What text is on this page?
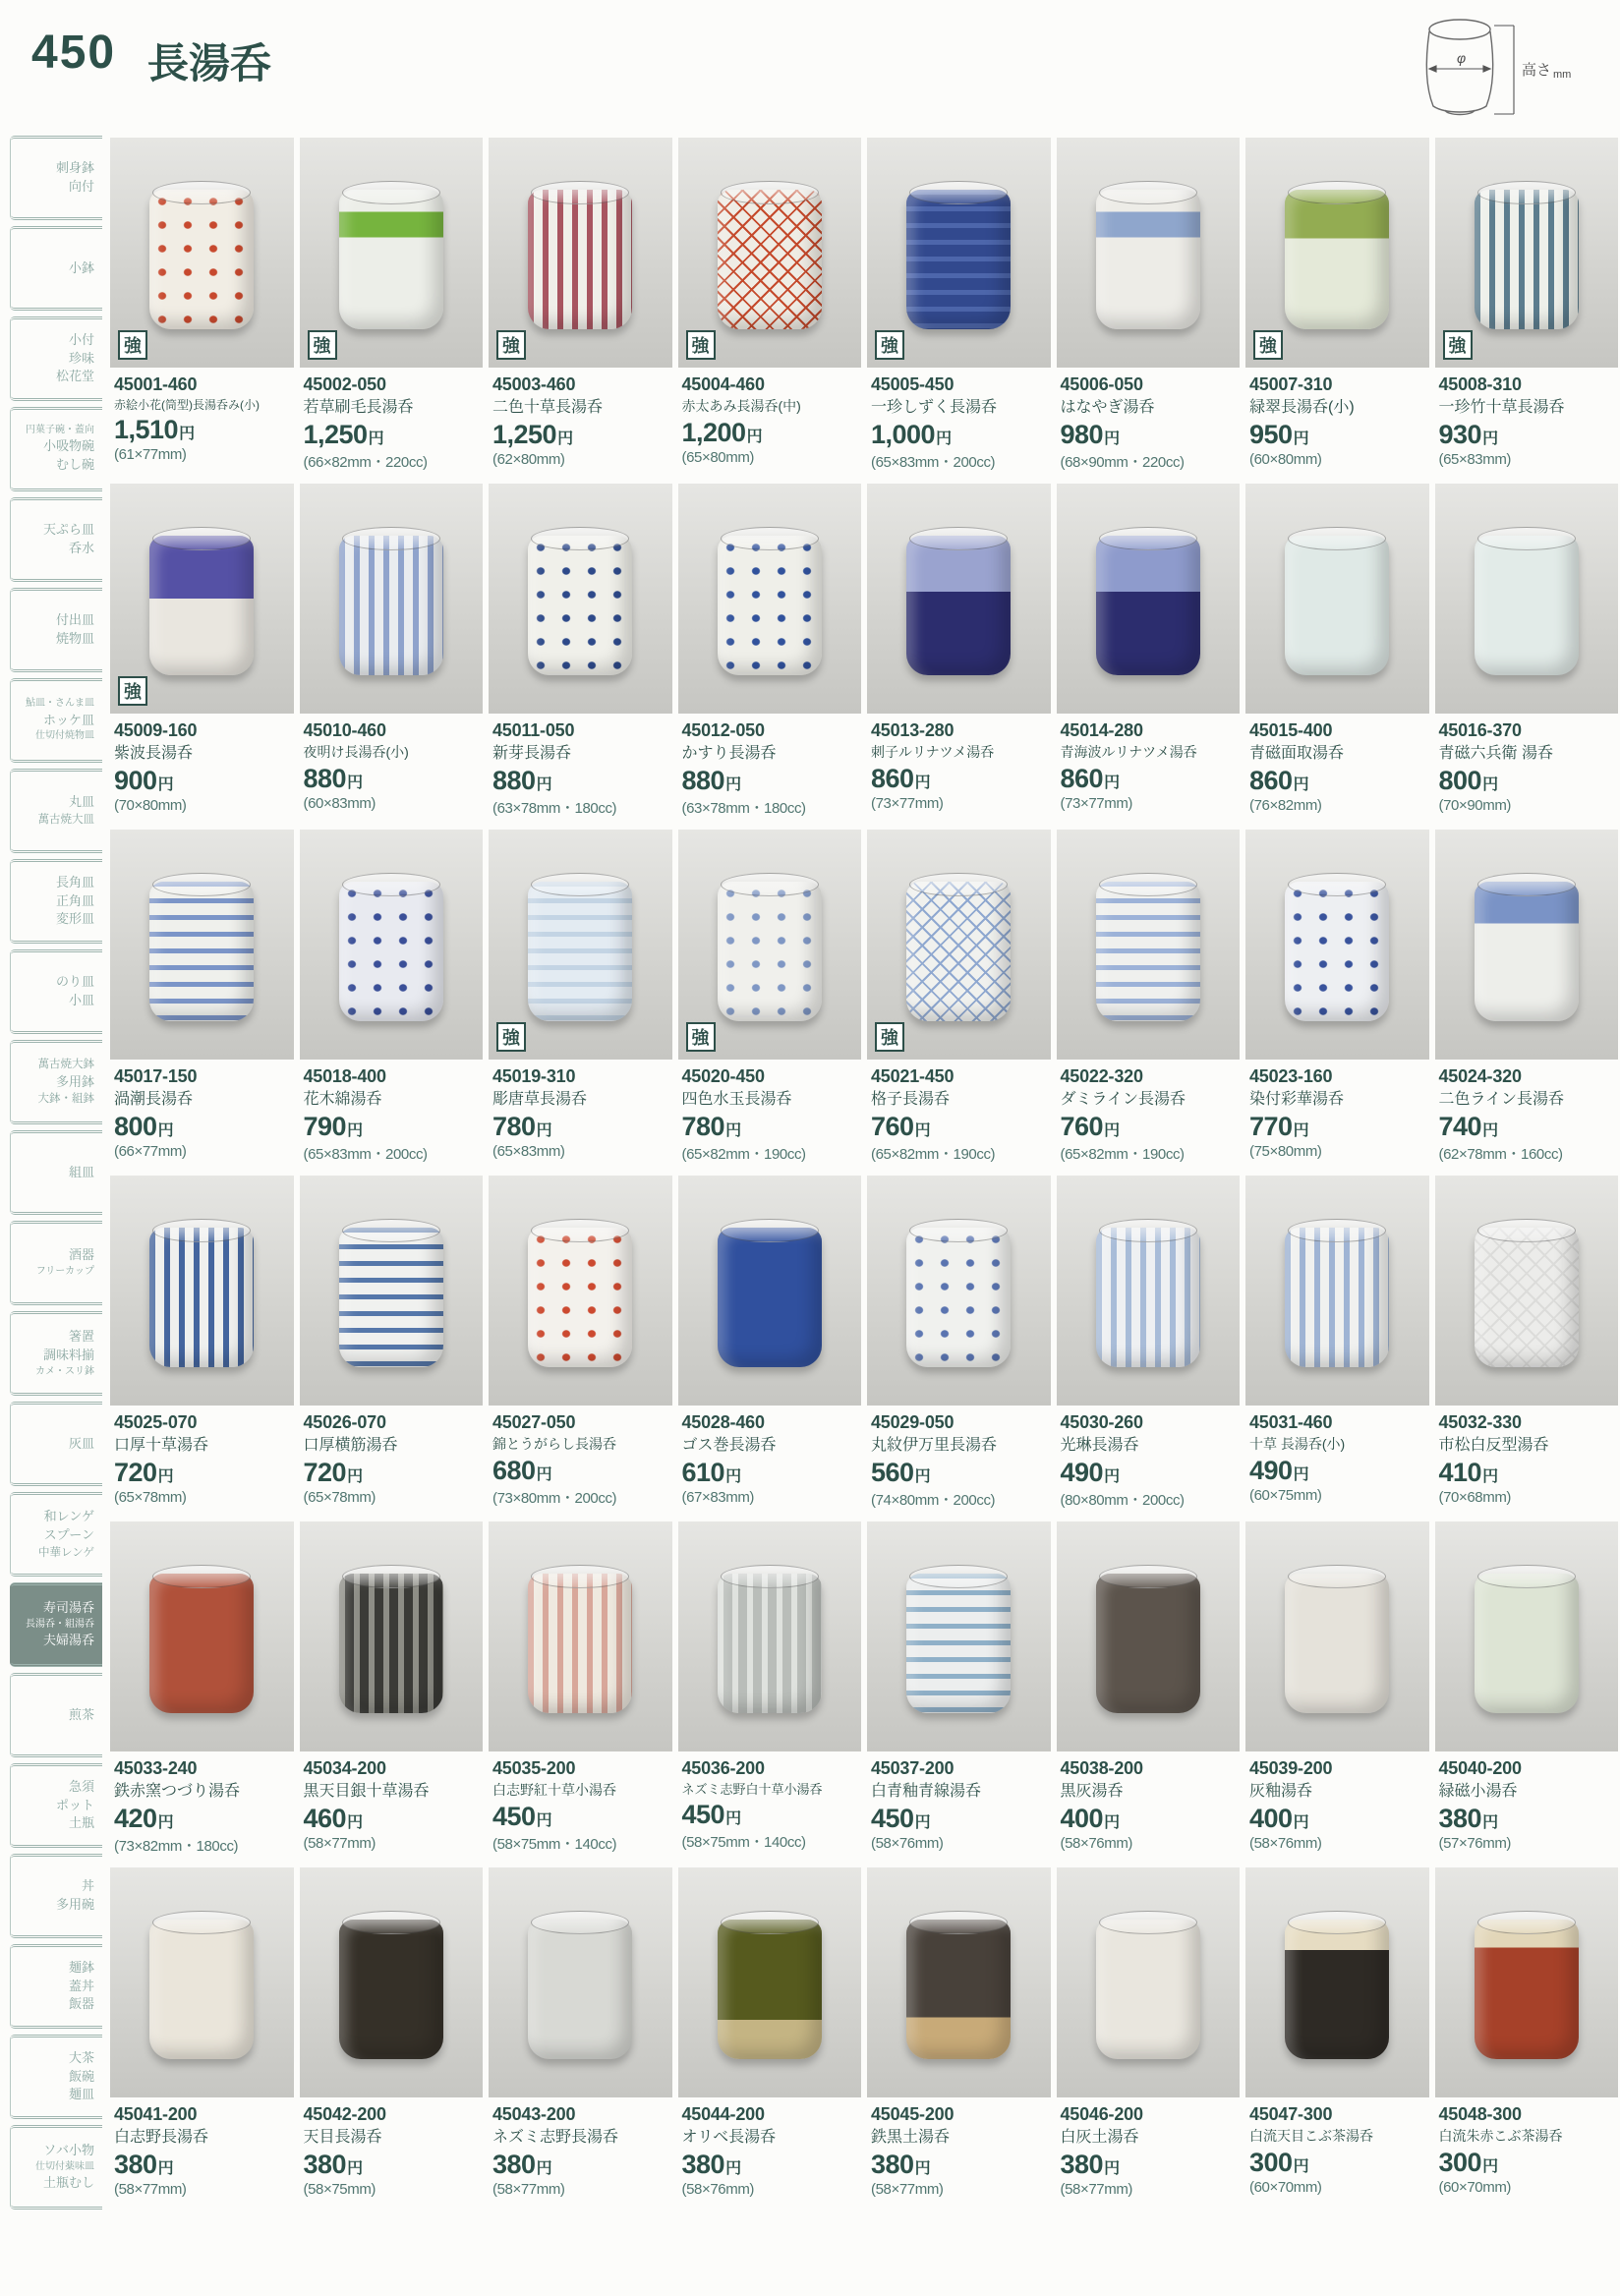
450 長湯呑	φ
高さ mm
刺身鉢
向付
小鉢
小付
珍味
松花堂
円菓子碗・蓋向
小吸物碗
むし碗
天ぷら皿
呑水
付出皿
焼物皿
鮎皿・さんま皿
ホッケ皿
仕切付焼物皿
丸皿
萬古焼大皿
長角皿
正角皿
変形皿
のり皿
小皿
萬古焼大鉢
多用鉢
大鉢・組鉢
組皿
酒器
フリーカップ
箸置
調味料揃
カメ・スリ鉢
灰皿
和レンゲ
スプーン
中華レンゲ
寿司湯呑
長湯呑・組湯呑
夫婦湯呑
煎茶
急須
ポット
土瓶
丼
多用碗
麺鉢
蓋丼
飯器
大茶
飯碗
麺皿
ソバ小物
仕切付薬味皿
土瓶むし
強
45001-460
赤絵小花(筒型)長湯呑み(小)
1,510円
(61×77mm)
強
45002-050
若草刷毛長湯呑
1,250円
(66×82mm・220cc)
強
45003-460
二色十草長湯呑
1,250円
(62×80mm)
強
45004-460
赤太あみ長湯呑(中)
1,200円
(65×80mm)
強
45005-450
一珍しずく長湯呑
1,000円
(65×83mm・200cc)
45006-050
はなやぎ湯呑
980円
(68×90mm・220cc)
強
45007-310
緑翠長湯呑(小)
950円
(60×80mm)
強
45008-310
一珍竹十草長湯呑
930円
(65×83mm)
強
45009-160
紫波長湯呑
900円
(70×80mm)
45010-460
夜明け長湯呑(小)
880円
(60×83mm)
45011-050
新芽長湯呑
880円
(63×78mm・180cc)
45012-050
かすり長湯呑
880円
(63×78mm・180cc)
45013-280
刺子ルリナツメ湯呑
860円
(73×77mm)
45014-280
青海波ルリナツメ湯呑
860円
(73×77mm)
45015-400
青磁面取湯呑
860円
(76×82mm)
45016-370
青磁六兵衛 湯呑
800円
(70×90mm)
45017-150
渦潮長湯呑
800円
(66×77mm)
45018-400
花木綿湯呑
790円
(65×83mm・200cc)
強
45019-310
彫唐草長湯呑
780円
(65×83mm)
強
45020-450
四色水玉長湯呑
780円
(65×82mm・190cc)
強
45021-450
格子長湯呑
760円
(65×82mm・190cc)
45022-320
ダミライン長湯呑
760円
(65×82mm・190cc)
45023-160
染付彩華湯呑
770円
(75×80mm)
45024-320
二色ライン長湯呑
740円
(62×78mm・160cc)
45025-070
口厚十草湯呑
720円
(65×78mm)
45026-070
口厚横筋湯呑
720円
(65×78mm)
45027-050
錦とうがらし長湯呑
680円
(73×80mm・200cc)
45028-460
ゴス巻長湯呑
610円
(67×83mm)
45029-050
丸紋伊万里長湯呑
560円
(74×80mm・200cc)
45030-260
光琳長湯呑
490円
(80×80mm・200cc)
45031-460
十草 長湯呑(小)
490円
(60×75mm)
45032-330
市松白反型湯呑
410円
(70×68mm)
45033-240
鉄赤窯つづり湯呑
420円
(73×82mm・180cc)
45034-200
黒天目銀十草湯呑
460円
(58×77mm)
45035-200
白志野紅十草小湯呑
450円
(58×75mm・140cc)
45036-200
ネズミ志野白十草小湯呑
450円
(58×75mm・140cc)
45037-200
白青釉青線湯呑
450円
(58×76mm)
45038-200
黒灰湯呑
400円
(58×76mm)
45039-200
灰釉湯呑
400円
(58×76mm)
45040-200
緑磁小湯呑
380円
(57×76mm)
45041-200
白志野長湯呑
380円
(58×77mm)
45042-200
天目長湯呑
380円
(58×75mm)
45043-200
ネズミ志野長湯呑
380円
(58×77mm)
45044-200
オリベ長湯呑
380円
(58×76mm)
45045-200
鉄黒土湯呑
380円
(58×77mm)
45046-200
白灰土湯呑
380円
(58×77mm)
45047-300
白流天目こぶ茶湯呑
300円
(60×70mm)
45048-300
白流朱赤こぶ茶湯呑
300円
(60×70mm)
